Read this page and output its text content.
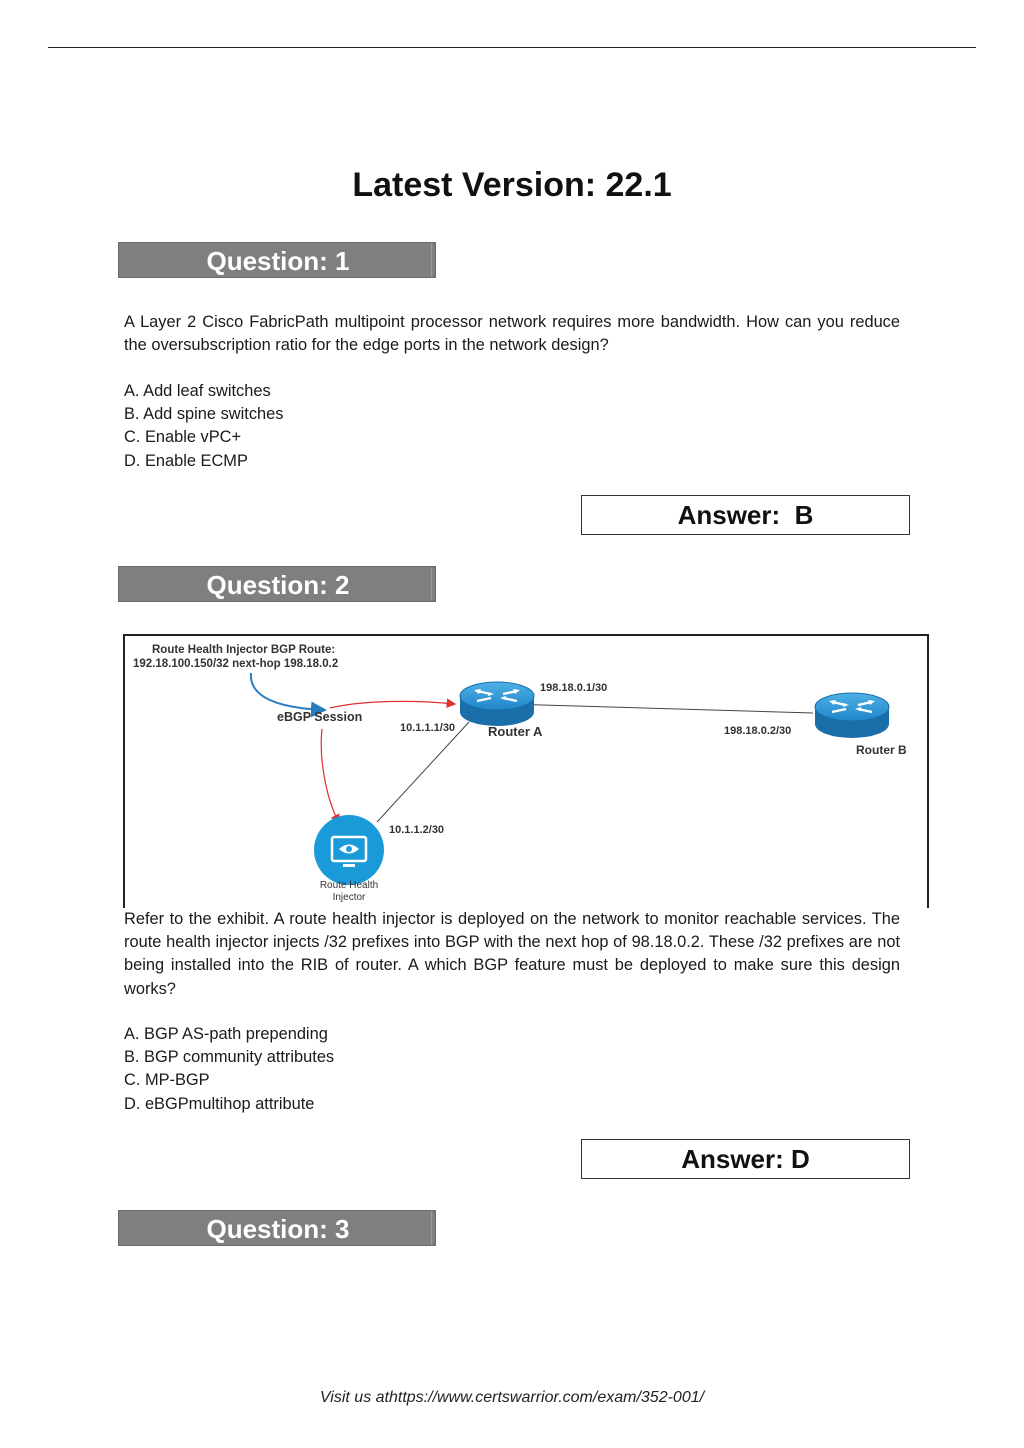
Latest Version: 22.1
Question: 1
A Layer 2 Cisco FabricPath multipoint processor network requires more bandwidth. How can you reduce the oversubscription ratio for the edge ports in the network design?
A. Add leaf switches
B. Add spine switches
C. Enable vPC+
D. Enable ECMP
Answer:  B
Question: 2
Route Health Injector BGP Route:
192.18.100.150/32 next-hop 198.18.0.2
eBGP Session
Router A
198.18.0.1/30
10.1.1.1/30
Router B
198.18.0.2/30
10.1.1.2/30
Route Health
Injector
Refer to the exhibit. A route health injector is deployed on the network to monitor reachable services. The route health injector injects /32 prefixes into BGP with the next hop of 98.18.0.2. These /32 prefixes are not being installed into the RIB of router. A which BGP feature must be deployed to make sure this design works?
A. BGP AS-path prepending
B. BGP community attributes
C. MP-BGP
D. eBGPmultihop attribute
Answer: D
Question: 3
Visit us athttps://www.certswarrior.com/exam/352-001/
